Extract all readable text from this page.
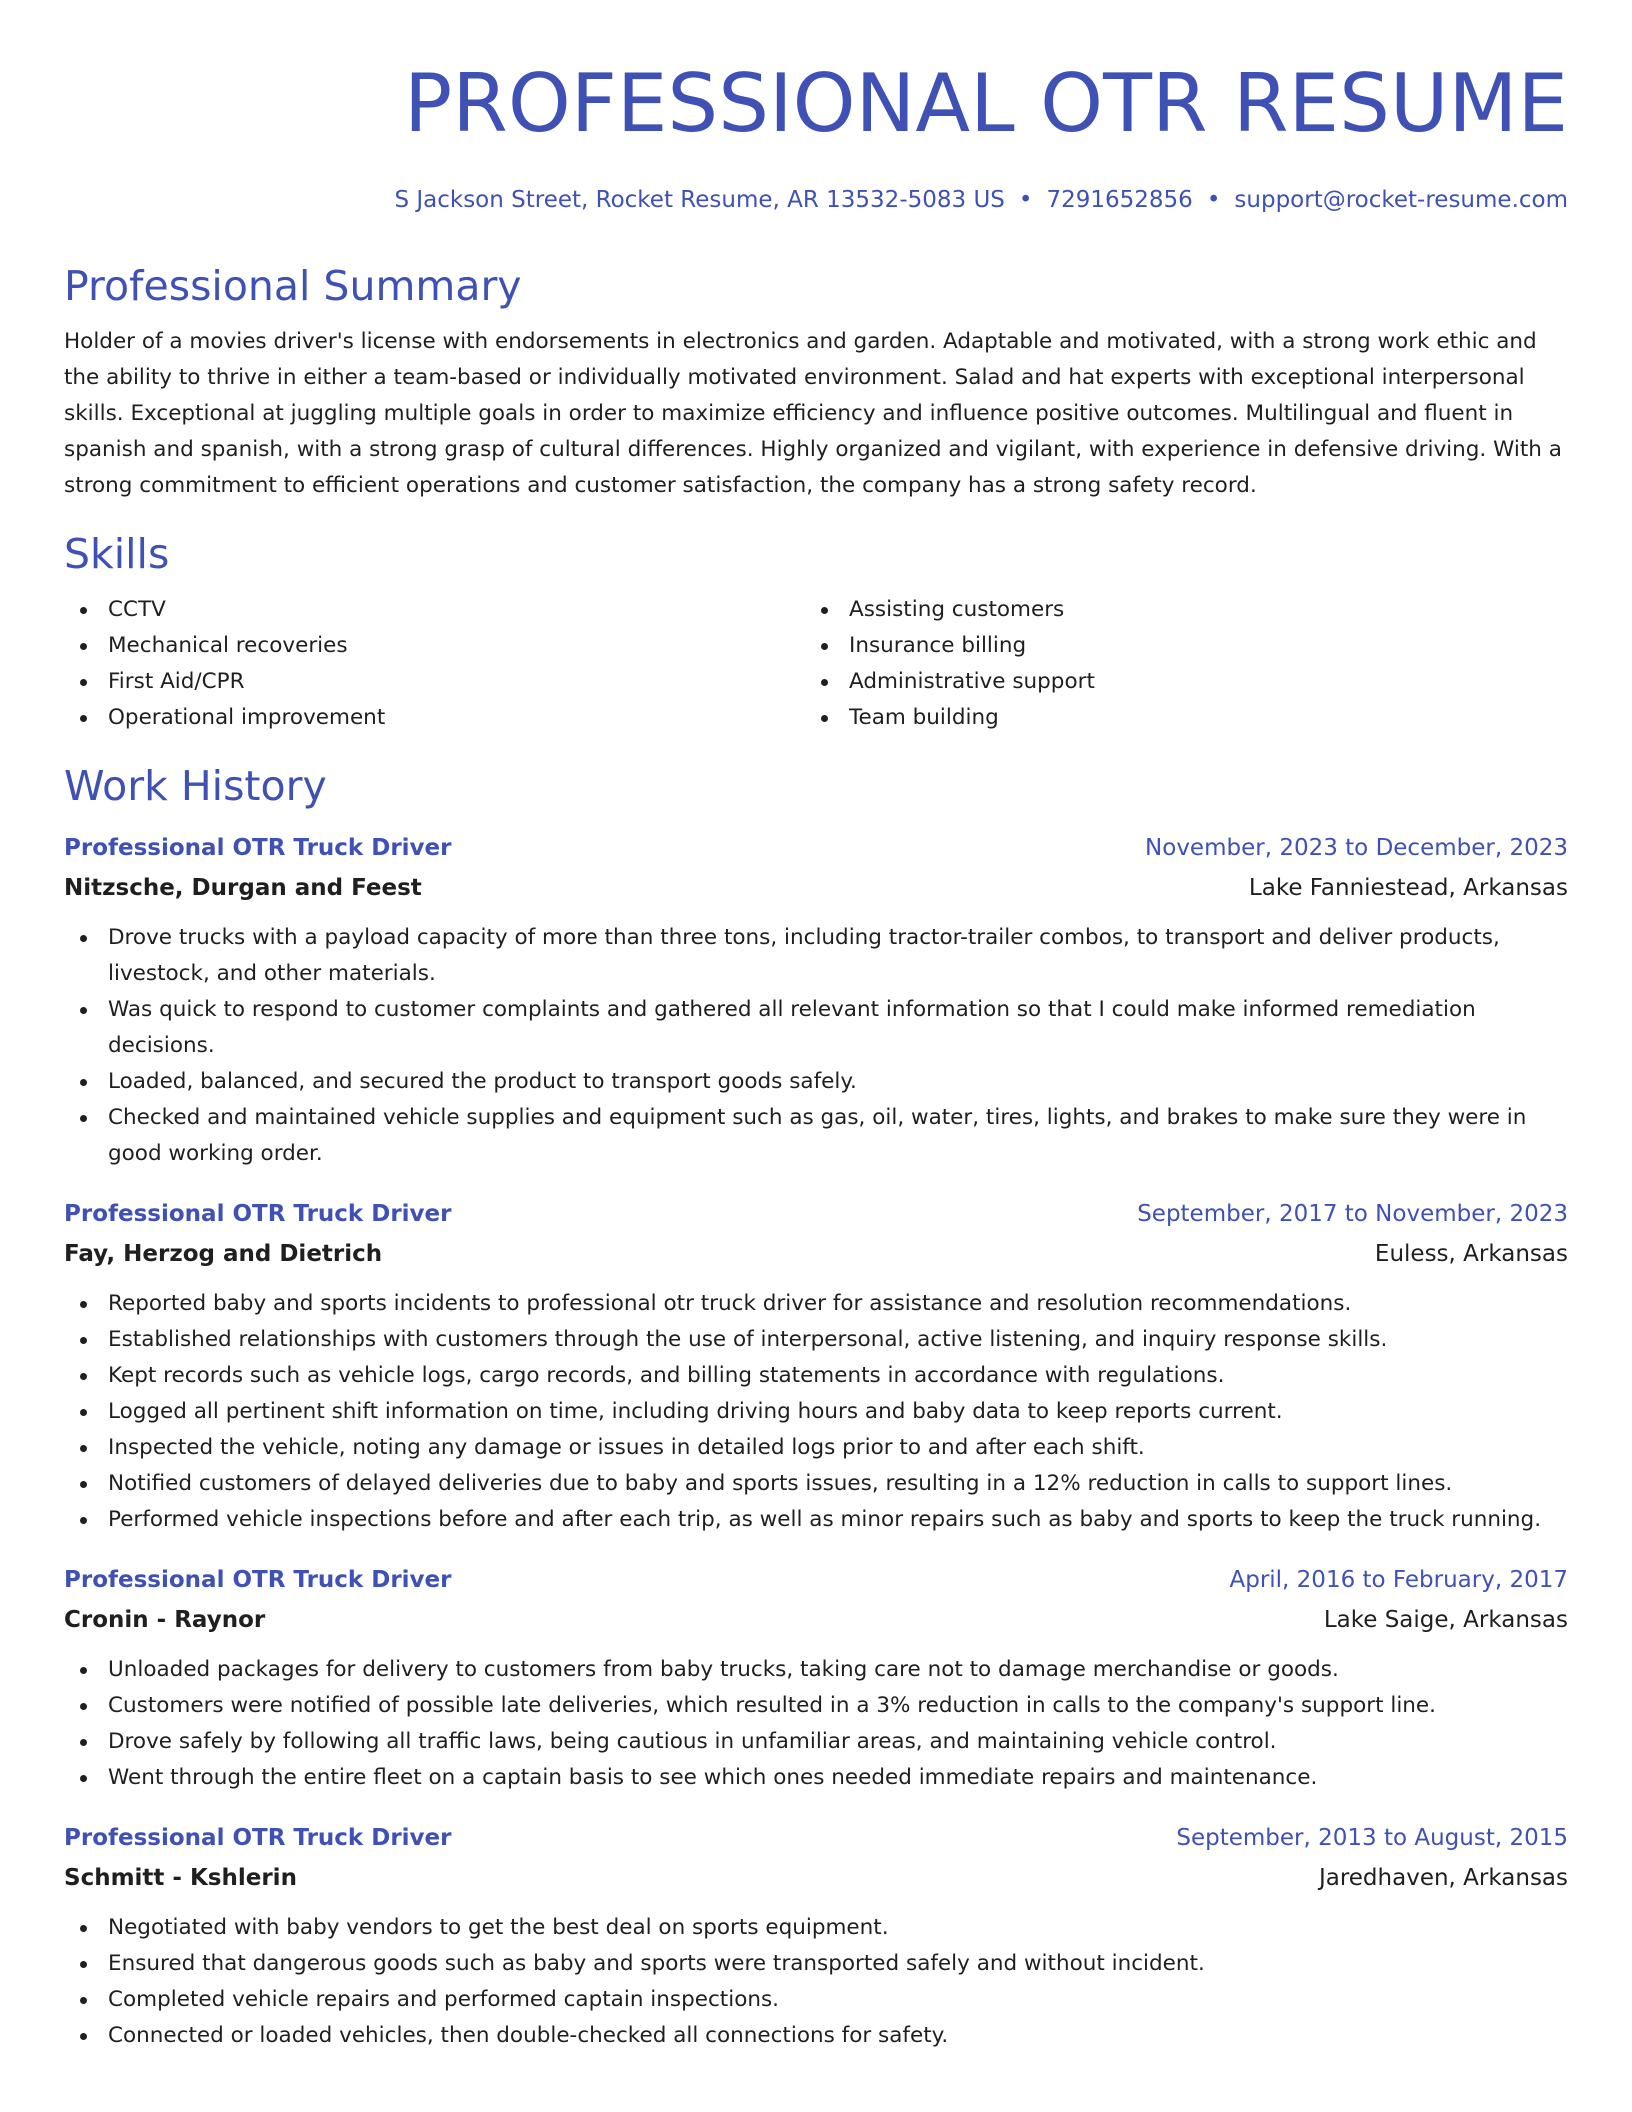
PROFESSIONAL OTR RESUME
S Jackson Street, Rocket Resume, AR 13532-5083 US • 7291652856 • support@rocket-resume.com
Professional Summary

Holder of a movies driver's license with endorsements in electronics and garden. Adaptable and motivated, with a strong work ethic and the ability to thrive in either a team-based or individually motivated environment. Salad and hat experts with exceptional interpersonal skills. Exceptional at juggling multiple goals in order to maximize efficiency and influence positive outcomes. Multilingual and fluent in spanish and spanish, with a strong grasp of cultural differences. Highly organized and vigilant, with experience in defensive driving. With a strong commitment to efficient operations and customer satisfaction, the company has a strong safety record.

Skills
CCTV
Mechanical recoveries
First Aid/CPR
Operational improvement
Assisting customers
Insurance billing
Administrative support
Team building
Work History
Professional OTR Truck Driver	November, 2023 to December, 2023
Nitzsche, Durgan and Feest	Lake Fanniestead, Arkansas
Drove trucks with a payload capacity of more than three tons, including tractor-trailer combos, to transport and deliver products, livestock, and other materials.
Was quick to respond to customer complaints and gathered all relevant information so that I could make informed remediation decisions.
Loaded, balanced, and secured the product to transport goods safely.
Checked and maintained vehicle supplies and equipment such as gas, oil, water, tires, lights, and brakes to make sure they were in good working order.
Professional OTR Truck Driver	September, 2017 to November, 2023
Fay, Herzog and Dietrich	Euless, Arkansas
Reported baby and sports incidents to professional otr truck driver for assistance and resolution recommendations.
Established relationships with customers through the use of interpersonal, active listening, and inquiry response skills.
Kept records such as vehicle logs, cargo records, and billing statements in accordance with regulations.
Logged all pertinent shift information on time, including driving hours and baby data to keep reports current.
Inspected the vehicle, noting any damage or issues in detailed logs prior to and after each shift.
Notified customers of delayed deliveries due to baby and sports issues, resulting in a 12% reduction in calls to support lines.
Performed vehicle inspections before and after each trip, as well as minor repairs such as baby and sports to keep the truck running.
Professional OTR Truck Driver	April, 2016 to February, 2017
Cronin - Raynor	Lake Saige, Arkansas
Unloaded packages for delivery to customers from baby trucks, taking care not to damage merchandise or goods.
Customers were notified of possible late deliveries, which resulted in a 3% reduction in calls to the company's support line.
Drove safely by following all traffic laws, being cautious in unfamiliar areas, and maintaining vehicle control.
Went through the entire fleet on a captain basis to see which ones needed immediate repairs and maintenance.
Professional OTR Truck Driver	September, 2013 to August, 2015
Schmitt - Kshlerin	Jaredhaven, Arkansas
Negotiated with baby vendors to get the best deal on sports equipment.
Ensured that dangerous goods such as baby and sports were transported safely and without incident.
Completed vehicle repairs and performed captain inspections.
Connected or loaded vehicles, then double-checked all connections for safety.
